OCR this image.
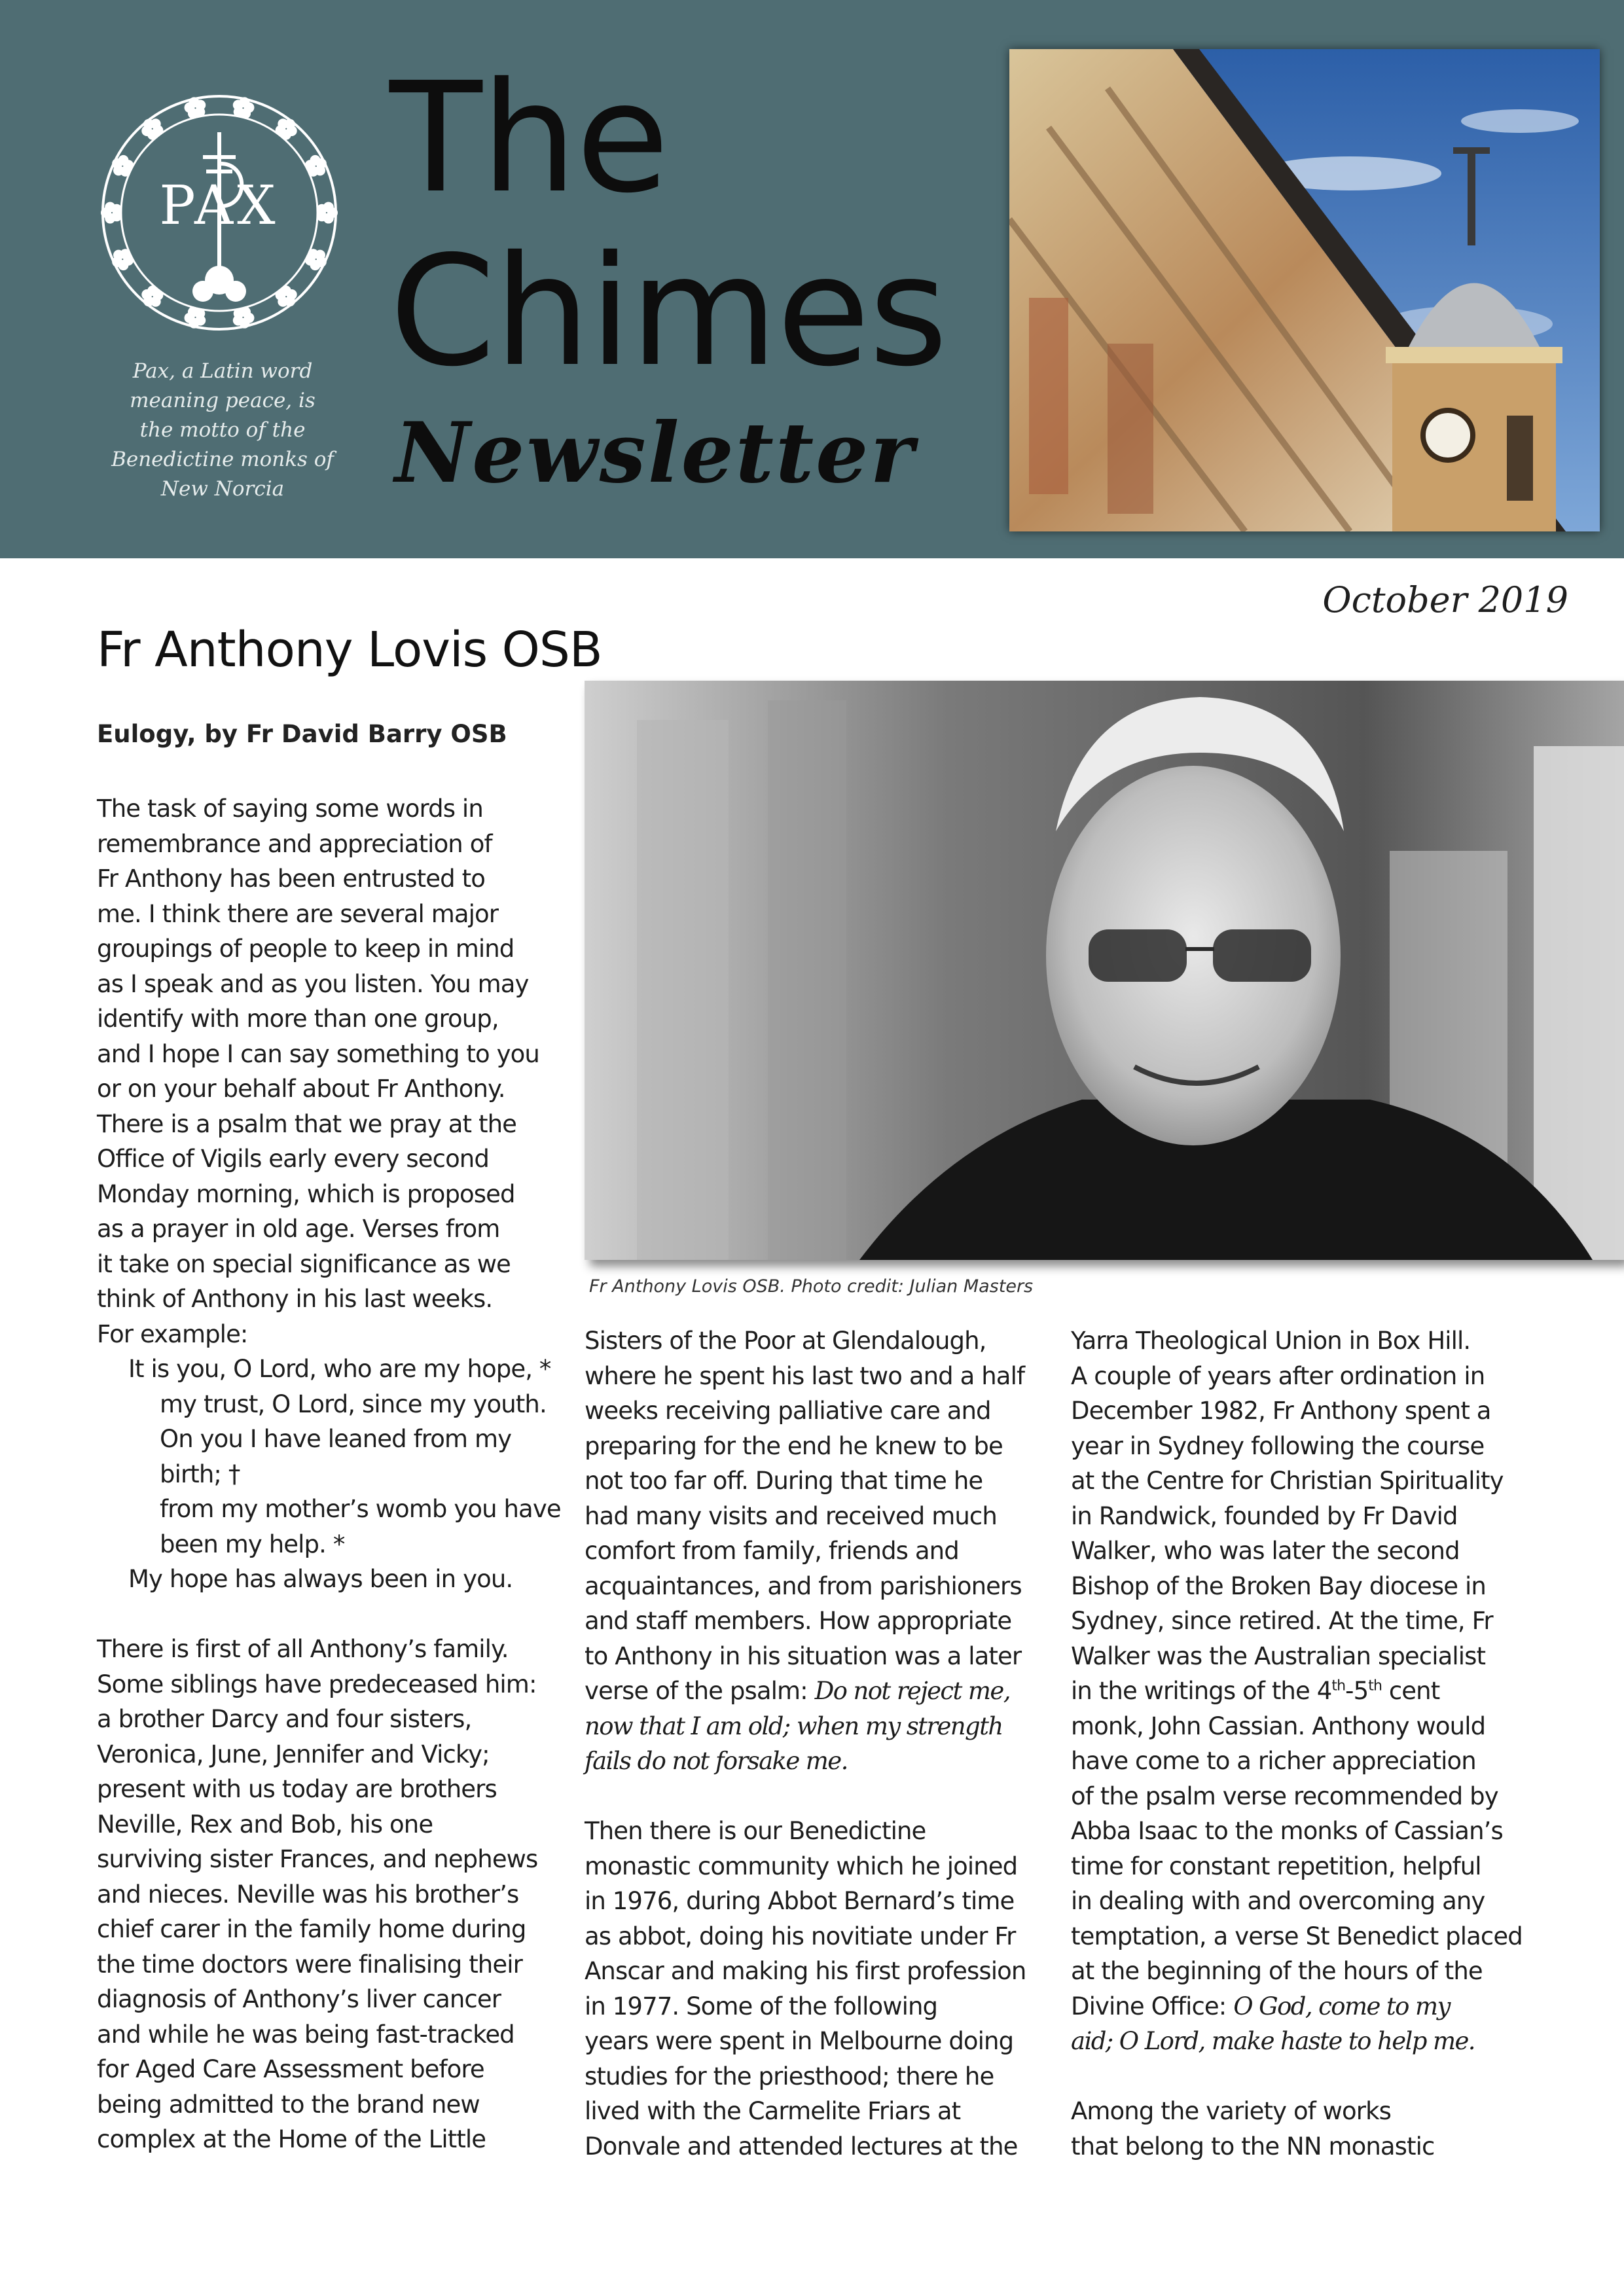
PAX
Pax, a Latin word
meaning peace, is
the motto of the
Benedictine monks of
New Norcia
The
Chimes
Newsletter

October 2019

Fr Anthony Lovis OSB

Eulogy, by Fr David Barry OSB

Fr Anthony Lovis OSB. Photo credit: Julian Masters

The task of saying some words in
remembrance and appreciation of
Fr Anthony has been entrusted to
me. I think there are several major
groupings of people to keep in mind
as I speak and as you listen. You may
identify with more than one group,
and I hope I can say something to you
or on your behalf about Fr Anthony.
There is a psalm that we pray at the
Office of Vigils early every second
Monday morning, which is proposed
as a prayer in old age. Verses from
it take on special significance as we
think of Anthony in his last weeks.
For example:

It is you, O Lord, who are my hope, *
my trust, O Lord, since my youth.
On you I have leaned from my
birth; †
from my mother’s womb you have
been my help. *
My hope has always been in you.

There is first of all Anthony’s family.
Some siblings have predeceased him:
a brother Darcy and four sisters,
Veronica, June, Jennifer and Vicky;
present with us today are brothers
Neville, Rex and Bob, his one
surviving sister Frances, and nephews
and nieces. Neville was his brother’s
chief carer in the family home during
the time doctors were finalising their
diagnosis of Anthony’s liver cancer
and while he was being fast-tracked
for Aged Care Assessment before
being admitted to the brand new
complex at the Home of the Little

Sisters of the Poor at Glendalough,
where he spent his last two and a half
weeks receiving palliative care and
preparing for the end he knew to be
not too far off. During that time he
had many visits and received much
comfort from family, friends and
acquaintances, and from parishioners
and staff members. How appropriate
to Anthony in his situation was a later
verse of the psalm: Do not reject me,
now that I am old; when my strength
fails do not forsake me.

Then there is our Benedictine
monastic community which he joined
in 1976, during Abbot Bernard’s time
as abbot, doing his novitiate under Fr
Anscar and making his first profession
in 1977. Some of the following
years were spent in Melbourne doing
studies for the priesthood; there he
lived with the Carmelite Friars at
Donvale and attended lectures at the

Yarra Theological Union in Box Hill.
A couple of years after ordination in
December 1982, Fr Anthony spent a
year in Sydney following the course
at the Centre for Christian Spirituality
in Randwick, founded by Fr David
Walker, who was later the second
Bishop of the Broken Bay diocese in
Sydney, since retired. At the time, Fr
Walker was the Australian specialist
in the writings of the 4th-5th cent
monk, John Cassian. Anthony would
have come to a richer appreciation
of the psalm verse recommended by
Abba Isaac to the monks of Cassian’s
time for constant repetition, helpful
in dealing with and overcoming any
temptation, a verse St Benedict placed
at the beginning of the hours of the
Divine Office: O God, come to my
aid; O Lord, make haste to help me.

Among the variety of works
that belong to the NN monastic
